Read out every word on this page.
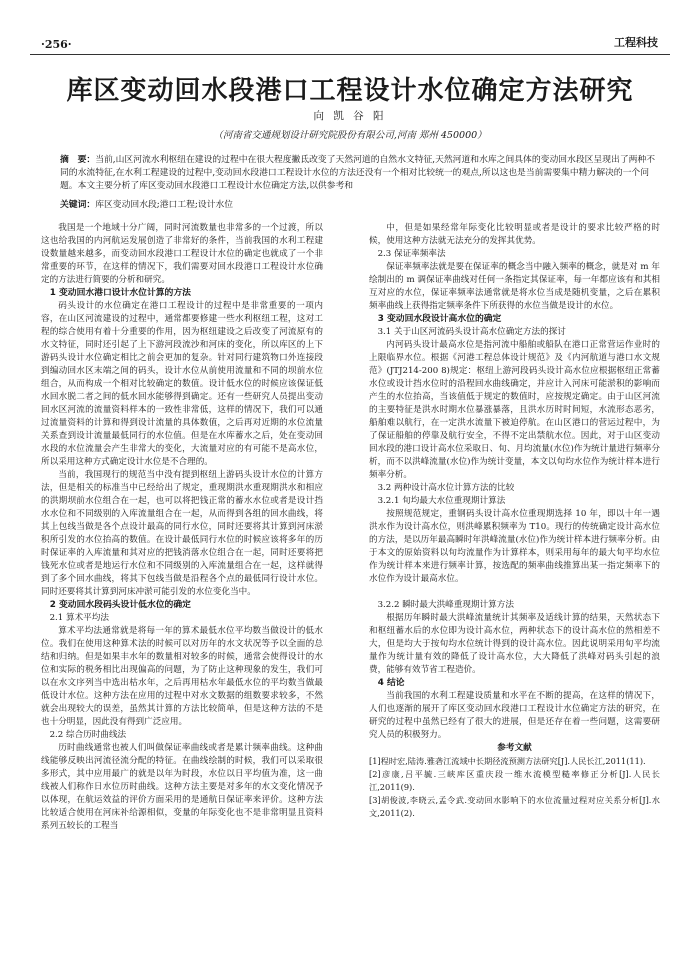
·256·	工程科技
库区变动回水段港口工程设计水位确定方法研究
向 凯 谷 阳
（河南省交通规划设计研究院股份有限公司,河南 郑州 450000）
摘　要：当前,山区河流水利枢纽在建设的过程中在很大程度撇氐改变了天然河道的自然水文特征,天然河道和水库之间具体的变动回水段区呈现出了两种不同的水流特征,在水利工程建设的过程中,变动回水段港口工程设计水位的方法还没有一个相对比较统一的观点,所以这也是当前需要集中精力解决的一个问题。本文主要分析了库区变动回水段港口工程设计水位确定方法,以供参考和
关键词：库区变动回水段;港口工程;设计水位

我国是一个地域十分广阔，同时河流数量也非常多的一个过渡，所以这也给我国的内河航运发展创造了非常好的条件，当前我国的水利工程建设数量越来越多，而变动回水段港口工程设计水位的确定也就成了一个非常重要的环节，在这样的情况下，我们需要对回水段港口工程设计水位确定的方法进行简要的分析和研究。

1 变动回水港口设计水位计算的方法

码头设计的水位确定在港口工程设计的过程中是非常重要的一项内容，在山区河流建设的过程中，通常都要修建一些水利枢纽工程，这对工程的综合使用有着十分重要的作用，因为枢纽建设之后改变了河流原有的水文特征，同时还引起了上下游河段流沙和河床的变化，所以库区的上下游码头设计水位确定相比之前会更加的复杂。针对同行建筑物口外连接段到编动回水区末端之间的码头，设计水位从前使用流量和不同的坝前水位组合，从而构成一个相对比较确定的数值。设计低水位的时候应该保证低水回水脱二者之间的低水回水能够得到确定。还有一些研究人员提出变动回水区河流的流量资料样本的一致性非常低，这样的情况下，我们可以通过流量资料的计算和得到设计流量的具体数值，之后再对近期的水位流量关系查到设计流量最低同行的水位值。但是在水库蓄水之后，处在变动回水段的水位流量会产生非常大的变化，大流量对应的有可能不是高水位，所以采用这种方式确定设计水位是不合理的。

当前，我国现行的规范当中没有提到枢纽上游码头设计水位的计算方法，但是相关的标准当中已经给出了规定，重现期洪水重现期洪水和相应的洪期坝前水位组合在一起，也可以将把钱正常的蓄水水位或者是设计挡水水位和不同级别的入库流量组合在一起，从而得到各组的回水曲线，将其上包线当做是各个点设计最高的同行水位，同时还要将其计算到河床淤积所引发的水位抬高的数值。在设计最低同行水位的时候应该将多年的历时保证率的入库流量和其对应的把钱消落水位组合在一起，同时还要将把钱死水位或者是地运行水位和不同级别的入库流量组合在一起，这样就得到了多个回水曲线，将其下包线当做是沿程各个点的最低同行设计水位。同时还要将其计算到河床冲淤可能引发的水位变化当中。

2 变动回水段码头设计低水位的确定

2.1 算术平均法

算术平均法通常就是将每一年的算术最低水位平均数当做设计的低水位。我们在使用这种算术法的时候可以对历年的水文状况等予以全面的总结和归纳。但是如果丰水年的数量相对较多的时候，通常会使得设计的水位和实际的税务相比出现偏高的问题，为了防止这种现象的发生，我们可以在水文序列当中选出枯水年，之后再用枯水年最低水位的平均数当做最低设计水位。这种方法在应用的过程中对水文数据的组数要求较多，不然就会出现较大的误差，虽然其计算的方法比较简单，但是这种方法的不是也十分明显，因此没有得到广泛应用。

2.2 综合历时曲线法

历时曲线通常也被人们叫做保证率曲线或者是累计频率曲线。这种曲线能够反映出河流径流分配的特征。在曲线绘制的时候，我们可以采取很多形式，其中应用最广的就是以年为时段，水位以日平均值为准，这一曲线被人们称作日水位历时曲线。这种方法主要是对多年的水文变化情况予以体现，在航运效益的评价方面采用的是通航日保证率来评价。这种方法比较适合使用在河床补给源相似，变量的年际变化也不是非常明显且资料系列五较长的工程当

中，但是如果经常年际变化比较明显或者是设计的要求比较严格的时候，使用这种方法就无法充分的发挥其优势。

2.3 保证率频率法

保证率频率法就是要在保证率的概念当中融入频率的概念，就是对 m 年绘制出的 m 调保证率曲线对任何一条指定其保证率，每一年都应该有和其相互对应的水位，保证率频率法通常就是将水位当成是随机变量，之后在累积频率曲线上获得指定频率条件下所获得的水位当做是设计的水位。

3 变动回水段设计高水位的确定

3.1 关于山区河流码头设计高水位确定方法的探讨

内河码头设计最高水位是指河流中船舶或船队在港口正常营运作业时的上限临界水位。根据《河港工程总体设计规范》及《内河航道与港口水文规范》(JTJ214-200 8)规定：枢纽上游河段码头设计高水位应根据枢纽正常蓄水位或设计挡水位时的沿程回水曲线确定，并应计入河床可能淤积的影响而产生的水位抬高，当该值低于规定的数值时，应按规定确定。由于山区河流的主要特征是洪水时期水位暴涨暴落，且洪水历时时间短，水流形态恶劣，船舶难以航行，在一定洪水流量下被迫停航。在山区港口的营运过程中，为了保证船舶的停靠及航行安全，不得不定出禁航水位。因此，对于山区变动回水段的港口设计高水位采取日、旬、月均流量(水位)作为统计量进行频率分析，而不以洪峰流量(水位)作为统计变量，本文以旬均水位作为统计样本进行频率分析。

3.2 两种设计高水位计算方法的比较

3.2.1 旬均最大水位重现期计算法

按照规范规定，重钢码头设计高水位重现期选择 10 年，即以十年一遇洪水作为设计高水位，则洪峰累积频率为 T10。现行的传统确定设计高水位的方法，是以历年最高瞬时年洪峰流量(水位)作为统计样本进行频率分析。由于本文的原始资料以旬均流量作为计算样本，则采用每年的最大旬平均水位作为统计样本来进行频率计算，按选配的频率曲线推算出某一指定频率下的水位作为设计最高水位。

3.2.2 瞬时最大洪峰重现期计算方法

根据历年瞬时最大洪峰流量统计其频率及适线计算的结果，天然状态下和枢纽蓄水后的水位即为设计高水位，两种状态下的设计高水位的然相差不大，但是均大于按旬均水位统计得到的设计高水位。因此说明采用旬平均流量作为统计量有效的降低了设计高水位，大大降低了洪峰对码头引起的浪费，能够有效节省工程造价。

4 结论

当前我国的水利工程建设质量和水平在不断的提高，在这样的情况下，人们也逐渐的展开了库区变动回水段港口工程设计水位确定方法的研究，在研究的过程中虽然已经有了很大的进展，但是还存在着一些问题，这需要研究人员的积极努力。

参考文献

[1]程时宏,陆涛.雅砻江流域中长期径流预测方法研究[J].人民长江,2011(11).

[2]彦康,吕平毓.三峡库区重庆段一维水流模型糙率修正分析[J].人民长江,2011(9).

[3]胡俊波,李晓云,孟令武.变动回水影响下的水位流量过程对应关系分析[J].水文,2011(2).
